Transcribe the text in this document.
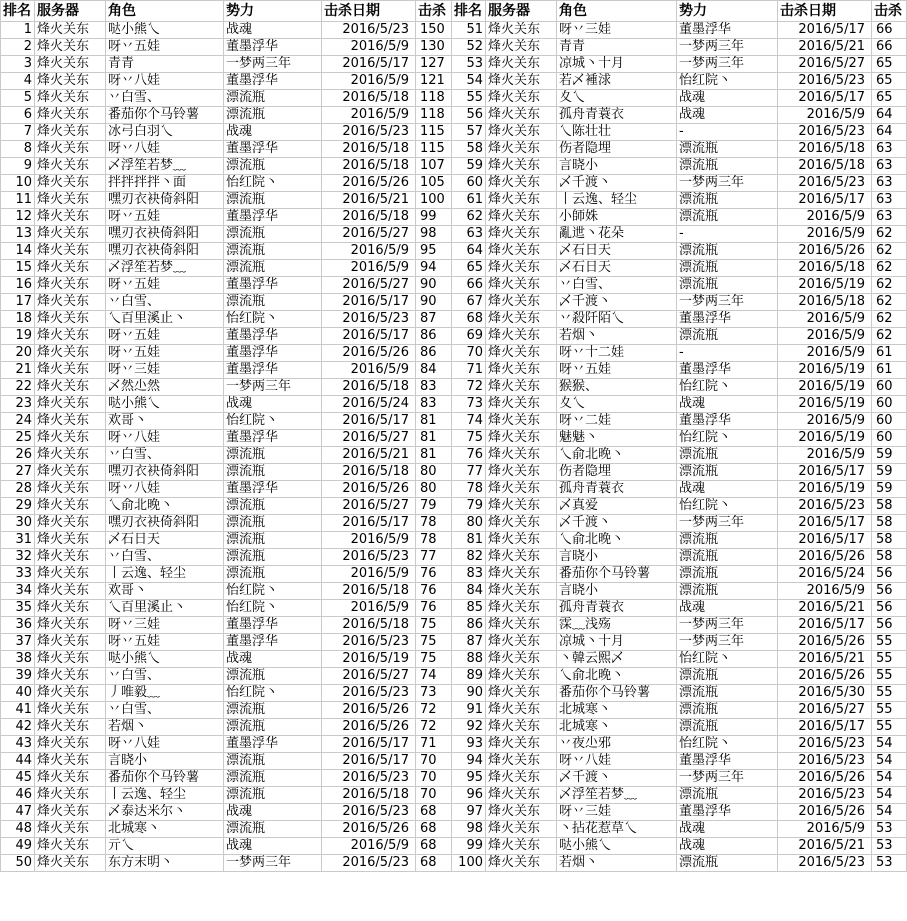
排名	服务器	角色	势力	击杀日期	击杀	排名	服务器	角色	势力	击杀日期	击杀
1	烽火关东	哒小熊乀	战魂	2016/5/23	150	51	烽火关东	呀丷三娃	董墨浮华	2016/5/17	66
2	烽火关东	呀丷五娃	董墨浮华	2016/5/9	130	52	烽火关东	青青	一梦两三年	2016/5/21	66
3	烽火关东	青青	一梦两三年	2016/5/17	127	53	烽火关东	凉城丶十月	一梦两三年	2016/5/27	65
4	烽火关东	呀丷八娃	董墨浮华	2016/5/9	121	54	烽火关东	若乄褈浗	怡红院丶	2016/5/23	65
5	烽火关东	丷白雪、	漂流瓶	2016/5/18	118	55	烽火关东	夊乀	战魂	2016/5/17	65
6	烽火关东	番茄你个马铃薯	漂流瓶	2016/5/9	118	56	烽火关东	孤舟青蓑衣	战魂	2016/5/9	64
7	烽火关东	冰弓白羽乀	战魂	2016/5/23	115	57	烽火关东	乀陈壮壮	-	2016/5/23	64
8	烽火关东	呀丷八娃	董墨浮华	2016/5/18	115	58	烽火关东	伤者隐埋	漂流瓶	2016/5/18	63
9	烽火关东	乄浮笙若梦﹏	漂流瓶	2016/5/18	107	59	烽火关东	言晓小	漂流瓶	2016/5/18	63
10	烽火关东	拌拌拌拌丶面	怡红院丶	2016/5/26	105	60	烽火关东	乄千渡丶	一梦两三年	2016/5/23	63
11	烽火关东	嘿刃衣袂倚斜阳	漂流瓶	2016/5/21	100	61	烽火关东	丨云逸、轻尘	漂流瓶	2016/5/17	63
12	烽火关东	呀丷五娃	董墨浮华	2016/5/18	99	62	烽火关东	小師姝	漂流瓶	2016/5/9	63
13	烽火关东	嘿刃衣袂倚斜阳	漂流瓶	2016/5/27	98	63	烽火关东	亂迣丶花朵	-	2016/5/9	62
14	烽火关东	嘿刃衣袂倚斜阳	漂流瓶	2016/5/9	95	64	烽火关东	乄石日天	漂流瓶	2016/5/26	62
15	烽火关东	乄浮笙若梦﹏	漂流瓶	2016/5/9	94	65	烽火关东	乄石日天	漂流瓶	2016/5/18	62
16	烽火关东	呀丷五娃	董墨浮华	2016/5/27	90	66	烽火关东	丷白雪、	漂流瓶	2016/5/19	62
17	烽火关东	丷白雪、	漂流瓶	2016/5/17	90	67	烽火关东	乄千渡丶	一梦两三年	2016/5/18	62
18	烽火关东	乀百里溪止丶	怡红院丶	2016/5/23	87	68	烽火关东	丷殺阡陌乀	董墨浮华	2016/5/9	62
19	烽火关东	呀丷五娃	董墨浮华	2016/5/17	86	69	烽火关东	若烟丶	漂流瓶	2016/5/9	62
20	烽火关东	呀丷五娃	董墨浮华	2016/5/26	86	70	烽火关东	呀丷十二娃	-	2016/5/9	61
21	烽火关东	呀丷三娃	董墨浮华	2016/5/9	84	71	烽火关东	呀丷五娃	董墨浮华	2016/5/19	61
22	烽火关东	乄然尐然	一梦两三年	2016/5/18	83	72	烽火关东	猴猴、	怡红院丶	2016/5/19	60
23	烽火关东	哒小熊乀	战魂	2016/5/24	83	73	烽火关东	夊乀	战魂	2016/5/19	60
24	烽火关东	欢哥丶	怡红院丶	2016/5/17	81	74	烽火关东	呀丷二娃	董墨浮华	2016/5/9	60
25	烽火关东	呀丷八娃	董墨浮华	2016/5/27	81	75	烽火关东	魅魅丶	怡红院丶	2016/5/19	60
26	烽火关东	丷白雪、	漂流瓶	2016/5/21	81	76	烽火关东	乀俞北晚丶	漂流瓶	2016/5/9	59
27	烽火关东	嘿刃衣袂倚斜阳	漂流瓶	2016/5/18	80	77	烽火关东	伤者隐埋	漂流瓶	2016/5/17	59
28	烽火关东	呀丷八娃	董墨浮华	2016/5/26	80	78	烽火关东	孤舟青蓑衣	战魂	2016/5/19	59
29	烽火关东	乀俞北晚丶	漂流瓶	2016/5/27	79	79	烽火关东	乄真爱	怡红院丶	2016/5/23	58
30	烽火关东	嘿刃衣袂倚斜阳	漂流瓶	2016/5/17	78	80	烽火关东	乄千渡丶	一梦两三年	2016/5/17	58
31	烽火关东	乄石日天	漂流瓶	2016/5/9	78	81	烽火关东	乀俞北晚丶	漂流瓶	2016/5/17	58
32	烽火关东	丷白雪、	漂流瓶	2016/5/23	77	82	烽火关东	言晓小	漂流瓶	2016/5/26	58
33	烽火关东	丨云逸、轻尘	漂流瓶	2016/5/9	76	83	烽火关东	番茄你个马铃薯	漂流瓶	2016/5/24	56
34	烽火关东	欢哥丶	怡红院丶	2016/5/18	76	84	烽火关东	言晓小	漂流瓶	2016/5/9	56
35	烽火关东	乀百里溪止丶	怡红院丶	2016/5/9	76	85	烽火关东	孤舟青蓑衣	战魂	2016/5/21	56
36	烽火关东	呀丷三娃	董墨浮华	2016/5/18	75	86	烽火关东	霂﹏浅殇	一梦两三年	2016/5/17	56
37	烽火关东	呀丷五娃	董墨浮华	2016/5/23	75	87	烽火关东	凉城丶十月	一梦两三年	2016/5/26	55
38	烽火关东	哒小熊乀	战魂	2016/5/19	75	88	烽火关东	丶韓云熙乄	怡红院丶	2016/5/21	55
39	烽火关东	丷白雪、	漂流瓶	2016/5/27	74	89	烽火关东	乀俞北晚丶	漂流瓶	2016/5/26	55
40	烽火关东	丿唯毅﹏	怡红院丶	2016/5/23	73	90	烽火关东	番茄你个马铃薯	漂流瓶	2016/5/30	55
41	烽火关东	丷白雪、	漂流瓶	2016/5/26	72	91	烽火关东	北城寒丶	漂流瓶	2016/5/27	55
42	烽火关东	若烟丶	漂流瓶	2016/5/26	72	92	烽火关东	北城寒丶	漂流瓶	2016/5/17	55
43	烽火关东	呀丷八娃	董墨浮华	2016/5/17	71	93	烽火关东	丷夜尐邪	怡红院丶	2016/5/23	54
44	烽火关东	言晓小	漂流瓶	2016/5/17	70	94	烽火关东	呀丷八娃	董墨浮华	2016/5/23	54
45	烽火关东	番茄你个马铃薯	漂流瓶	2016/5/23	70	95	烽火关东	乄千渡丶	一梦两三年	2016/5/26	54
46	烽火关东	丨云逸、轻尘	漂流瓶	2016/5/18	70	96	烽火关东	乄浮笙若梦﹏	漂流瓶	2016/5/23	54
47	烽火关东	乄泰达米尔丶	战魂	2016/5/23	68	97	烽火关东	呀丷三娃	董墨浮华	2016/5/26	54
48	烽火关东	北城寒丶	漂流瓶	2016/5/26	68	98	烽火关东	丶拈花惹草乀	战魂	2016/5/9	53
49	烽火关东	亓乀	战魂	2016/5/9	68	99	烽火关东	哒小熊乀	战魂	2016/5/21	53
50	烽火关东	东方末明丶	一梦两三年	2016/5/23	68	100	烽火关东	若烟丶	漂流瓶	2016/5/23	53
